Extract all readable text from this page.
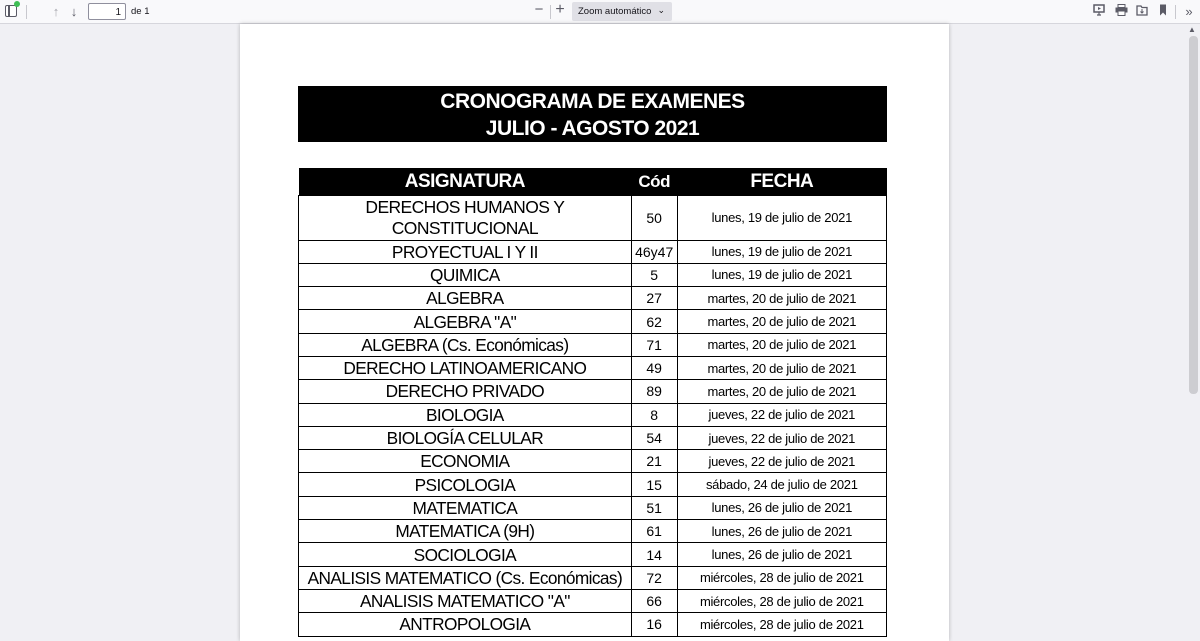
↑ ↓
1	de 1	− +	Zoom automático ⌄	»
▲
CRONOGRAMA DE EXAMENES
JULIO - AGOSTO 2021
ASIGNATURA	Cód	FECHA
DERECHOS HUMANOS Y CONSTITUCIONAL	50	lunes, 19 de julio de 2021
PROYECTUAL I Y II	46y47	lunes, 19 de julio de 2021
QUIMICA	5	lunes, 19 de julio de 2021
ALGEBRA	27	martes, 20 de julio de 2021
ALGEBRA "A"	62	martes, 20 de julio de 2021
ALGEBRA (Cs. Económicas)	71	martes, 20 de julio de 2021
DERECHO LATINOAMERICANO	49	martes, 20 de julio de 2021
DERECHO PRIVADO	89	martes, 20 de julio de 2021
BIOLOGIA	8	jueves, 22 de julio de 2021
BIOLOGÍA CELULAR	54	jueves, 22 de julio de 2021
ECONOMIA	21	jueves, 22 de julio de 2021
PSICOLOGIA	15	sábado, 24 de julio de 2021
MATEMATICA	51	lunes, 26 de julio de 2021
MATEMATICA (9H)	61	lunes, 26 de julio de 2021
SOCIOLOGIA	14	lunes, 26 de julio de 2021
ANALISIS MATEMATICO (Cs. Económicas)	72	miércoles, 28 de julio de 2021
ANALISIS MATEMATICO "A"	66	miércoles, 28 de julio de 2021
ANTROPOLOGIA	16	miércoles, 28 de julio de 2021
